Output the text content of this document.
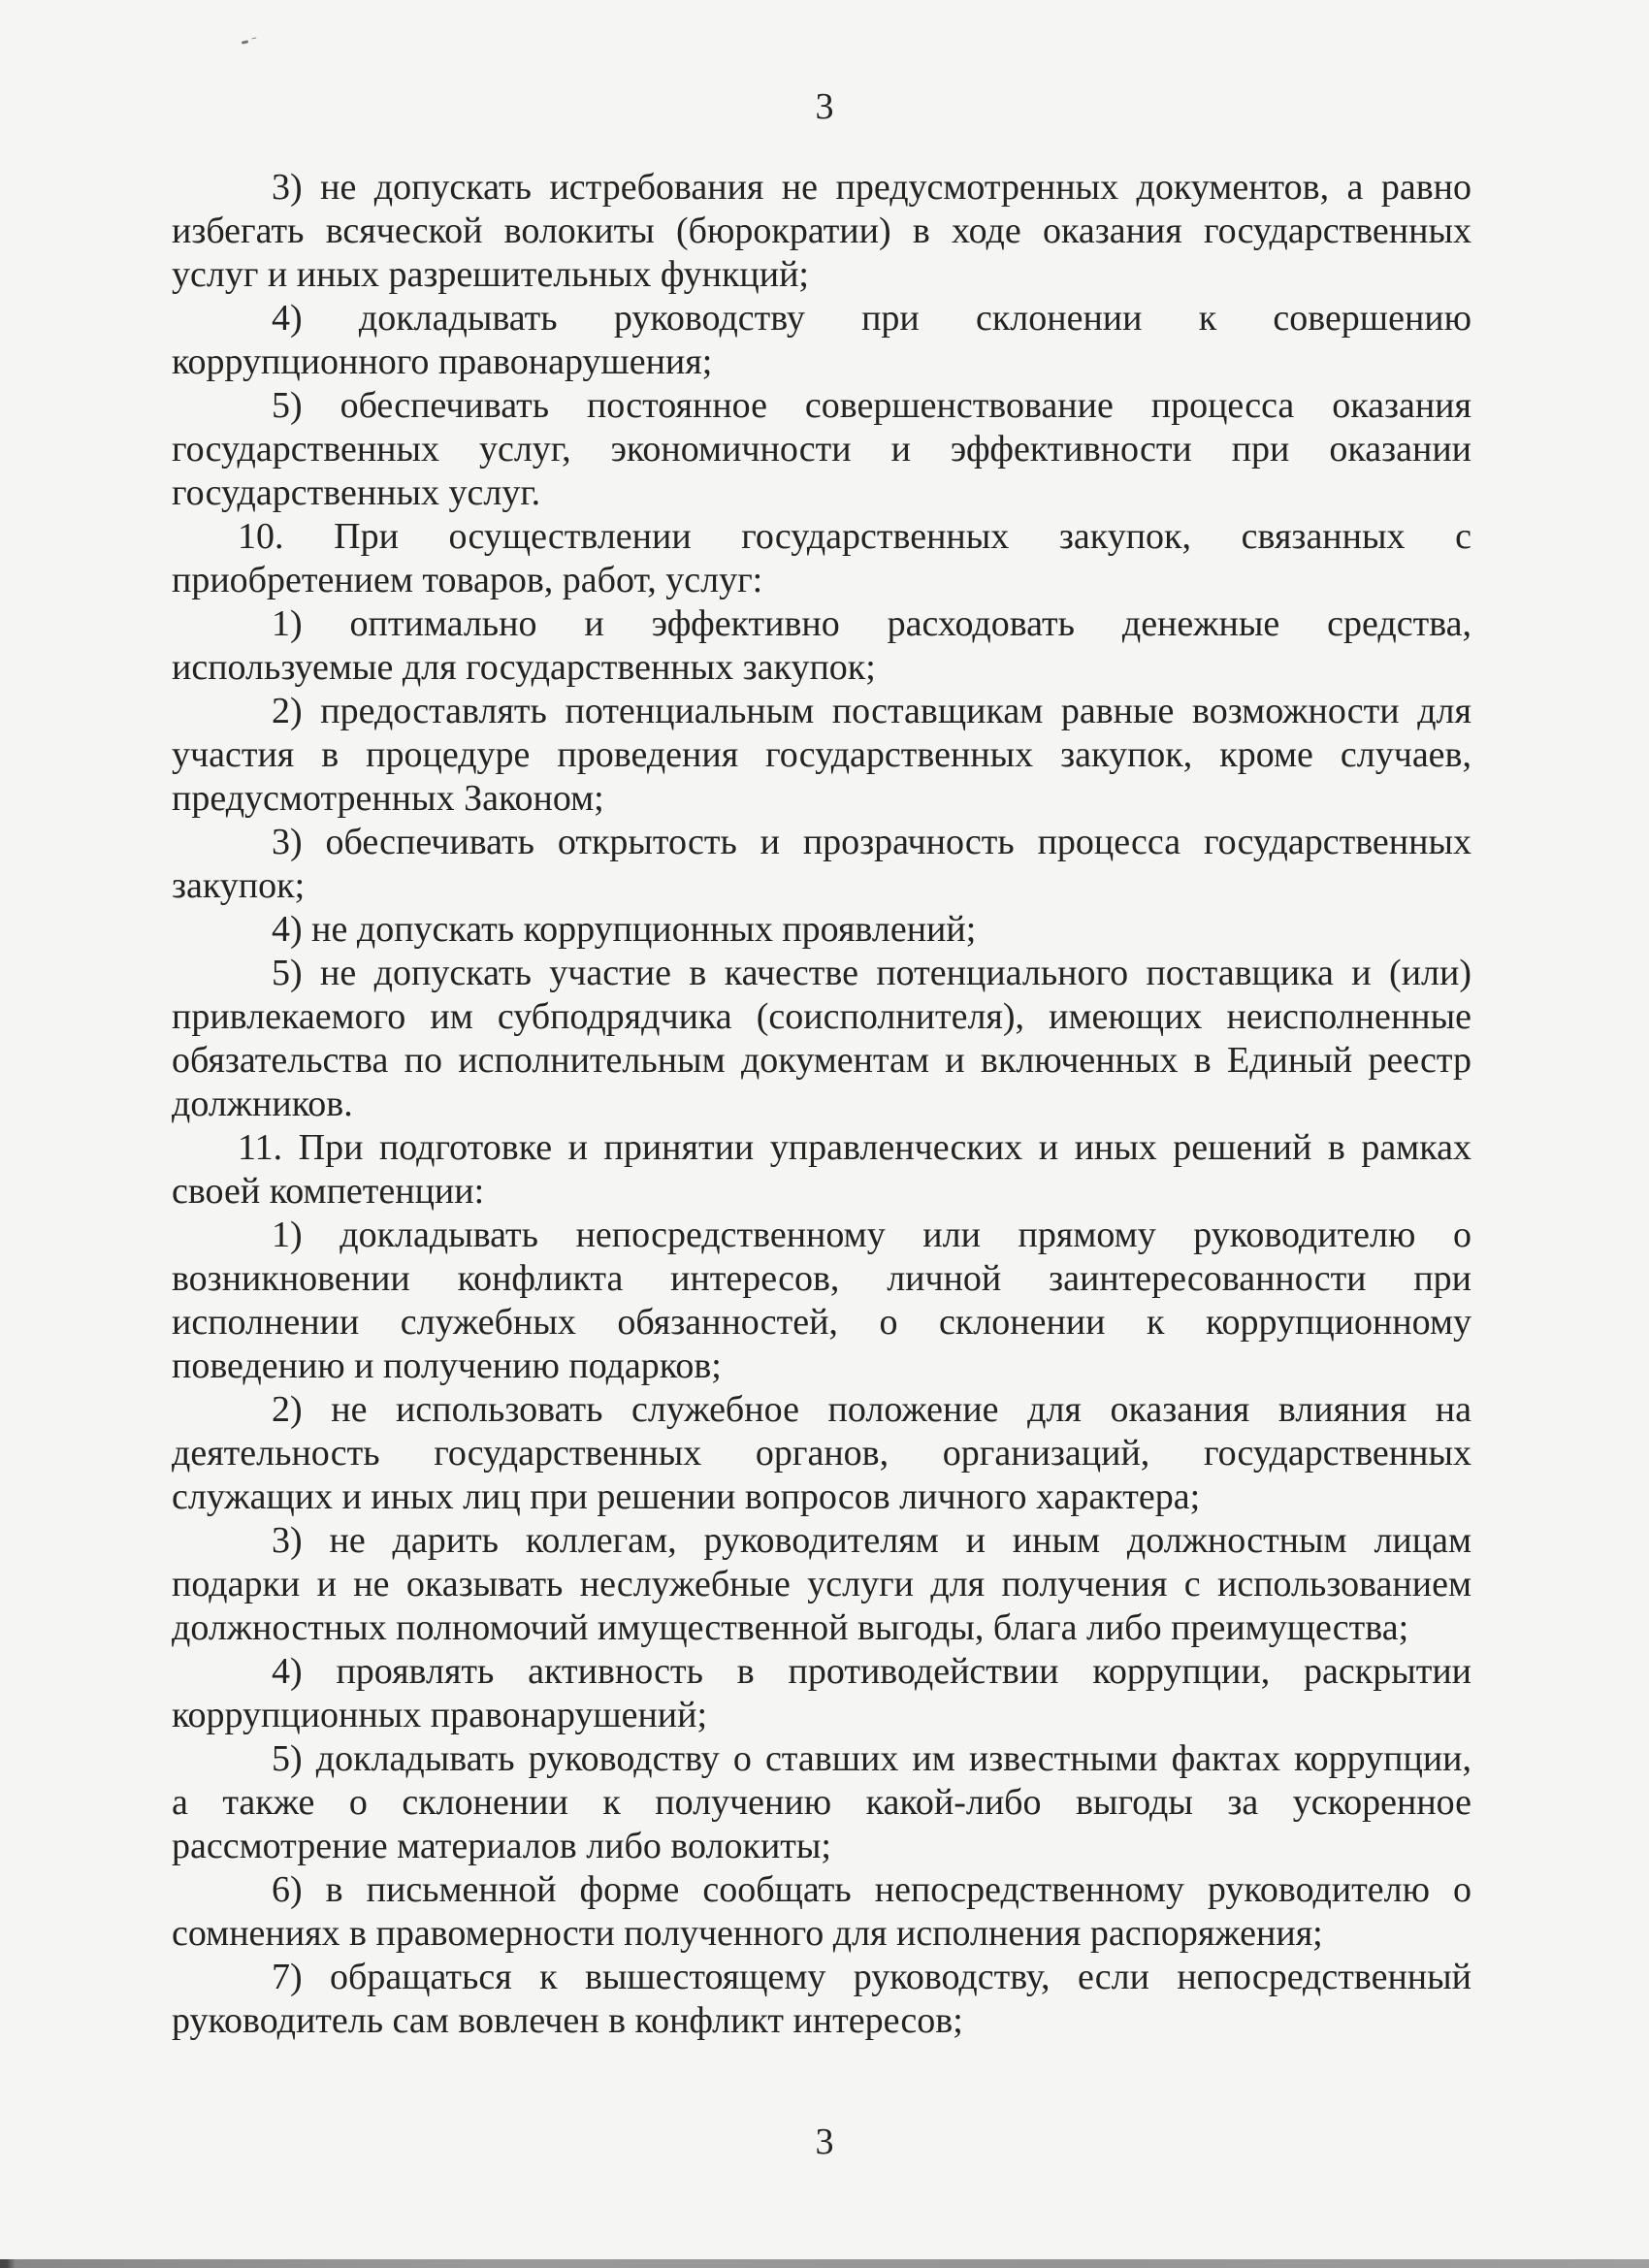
3

3) не допускать истребования не предусмотренных документов, а равно
избегать всяческой волокиты (бюрократии) в ходе оказания государственных
услуг и иных разрешительных функций;

4) докладывать руководству при склонении к совершению
коррупционного правонарушения;

5) обеспечивать постоянное совершенствование процесса оказания
государственных услуг, экономичности и эффективности при оказании
государственных услуг.

10. При осуществлении государственных закупок, связанных с
приобретением товаров, работ, услуг:

1) оптимально и эффективно расходовать денежные средства,
используемые для государственных закупок;

2) предоставлять потенциальным поставщикам равные возможности для
участия в процедуре проведения государственных закупок, кроме случаев,
предусмотренных Законом;

3) обеспечивать открытость и прозрачность процесса государственных
закупок;

4) не допускать коррупционных проявлений;

5) не допускать участие в качестве потенциального поставщика и (или)
привлекаемого им субподрядчика (соисполнителя), имеющих неисполненные
обязательства по исполнительным документам и включенных в Единый реестр
должников.

11. При подготовке и принятии управленческих и иных решений в рамках
своей компетенции:

1) докладывать непосредственному или прямому руководителю о
возникновении конфликта интересов, личной заинтересованности при
исполнении служебных обязанностей, о склонении к коррупционному
поведению и получению подарков;

2) не использовать служебное положение для оказания влияния на
деятельность государственных органов, организаций, государственных
служащих и иных лиц при решении вопросов личного характера;

3) не дарить коллегам, руководителям и иным должностным лицам
подарки и не оказывать неслужебные услуги для получения с использованием
должностных полномочий имущественной выгоды, блага либо преимущества;

4) проявлять активность в противодействии коррупции, раскрытии
коррупционных правонарушений;

5) докладывать руководству о ставших им известными фактах коррупции,
а также о склонении к получению какой-либо выгоды за ускоренное
рассмотрение материалов либо волокиты;

6) в письменной форме сообщать непосредственному руководителю о
сомнениях в правомерности полученного для исполнения распоряжения;

7) обращаться к вышестоящему руководству, если непосредственный
руководитель сам вовлечен в конфликт интересов;

3
